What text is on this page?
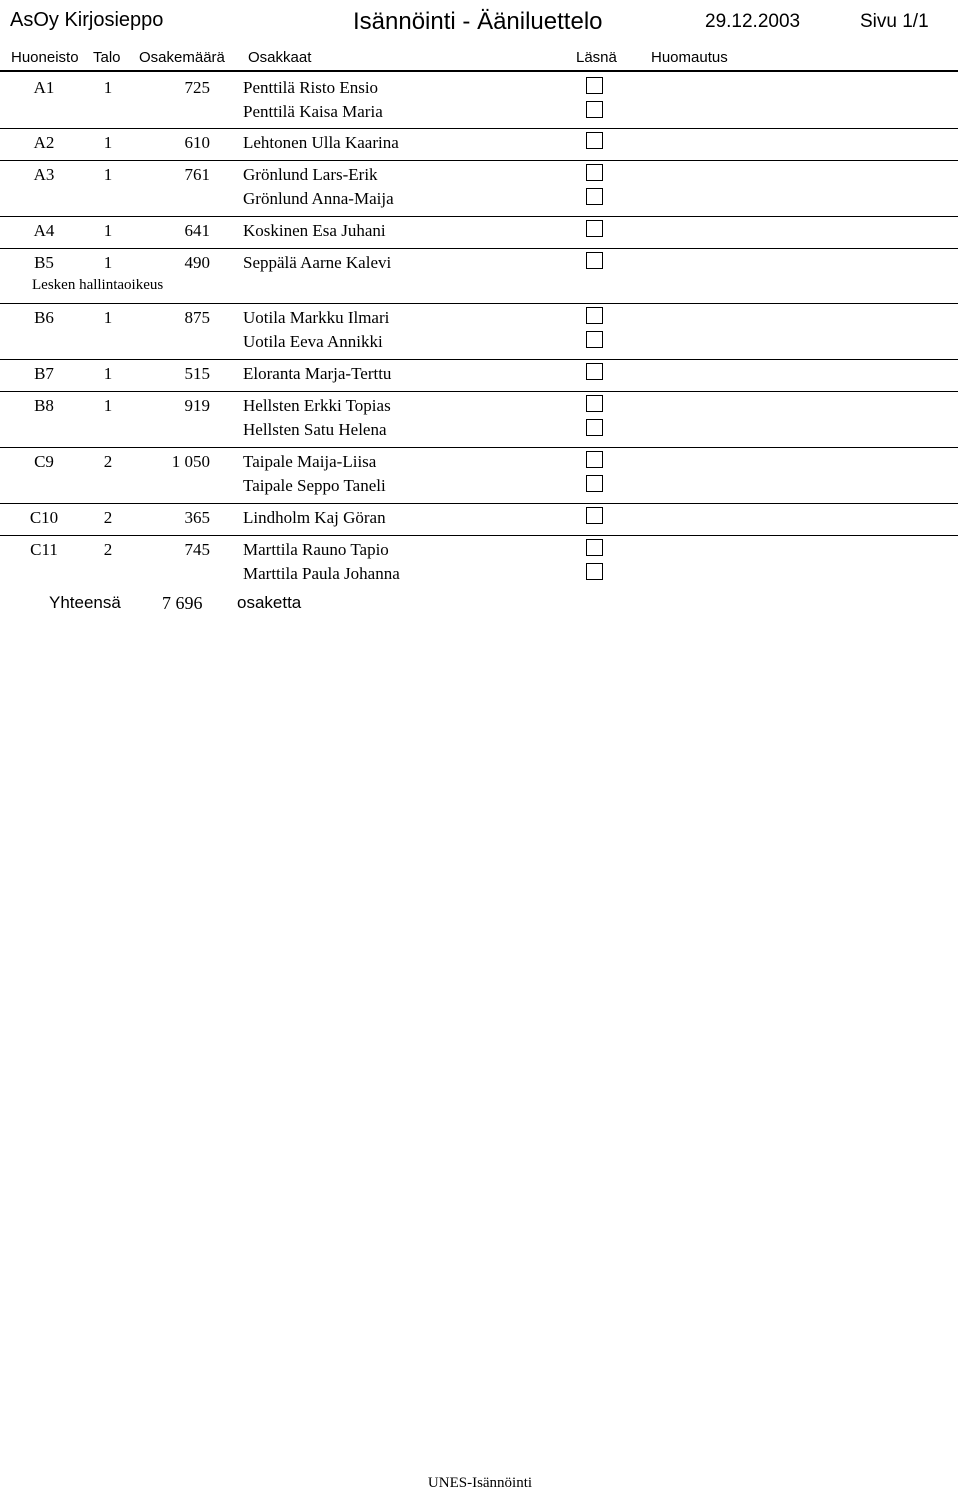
AsOy Kirjosieppo	Isännöinti - Ääniluettelo	29.12.2003	Sivu 1/1
Huoneisto Talo Osakemäärä Osakkaat	Läsnä Huomautus
A1	1	725 Penttilä Risto Ensio
Penttilä Kaisa Maria
A2	1	610 Lehtonen Ulla Kaarina
A3	1	761 Grönlund Lars-Erik
Grönlund Anna-Maija
A4	1	641 Koskinen Esa Juhani
B5	1	490 Seppälä Aarne Kalevi
Lesken hallintaoikeus
B6	1	875 Uotila Markku Ilmari
Uotila Eeva Annikki
B7	1	515 Eloranta Marja-Terttu
B8	1	919 Hellsten Erkki Topias
Hellsten Satu Helena
C9	2	1 050 Taipale Maija-Liisa
Taipale Seppo Taneli
C10	2	365 Lindholm Kaj Göran
C11	2	745 Marttila Rauno Tapio
Marttila Paula Johanna
Yhteensä 7 696 osaketta
UNES-Isännöinti
